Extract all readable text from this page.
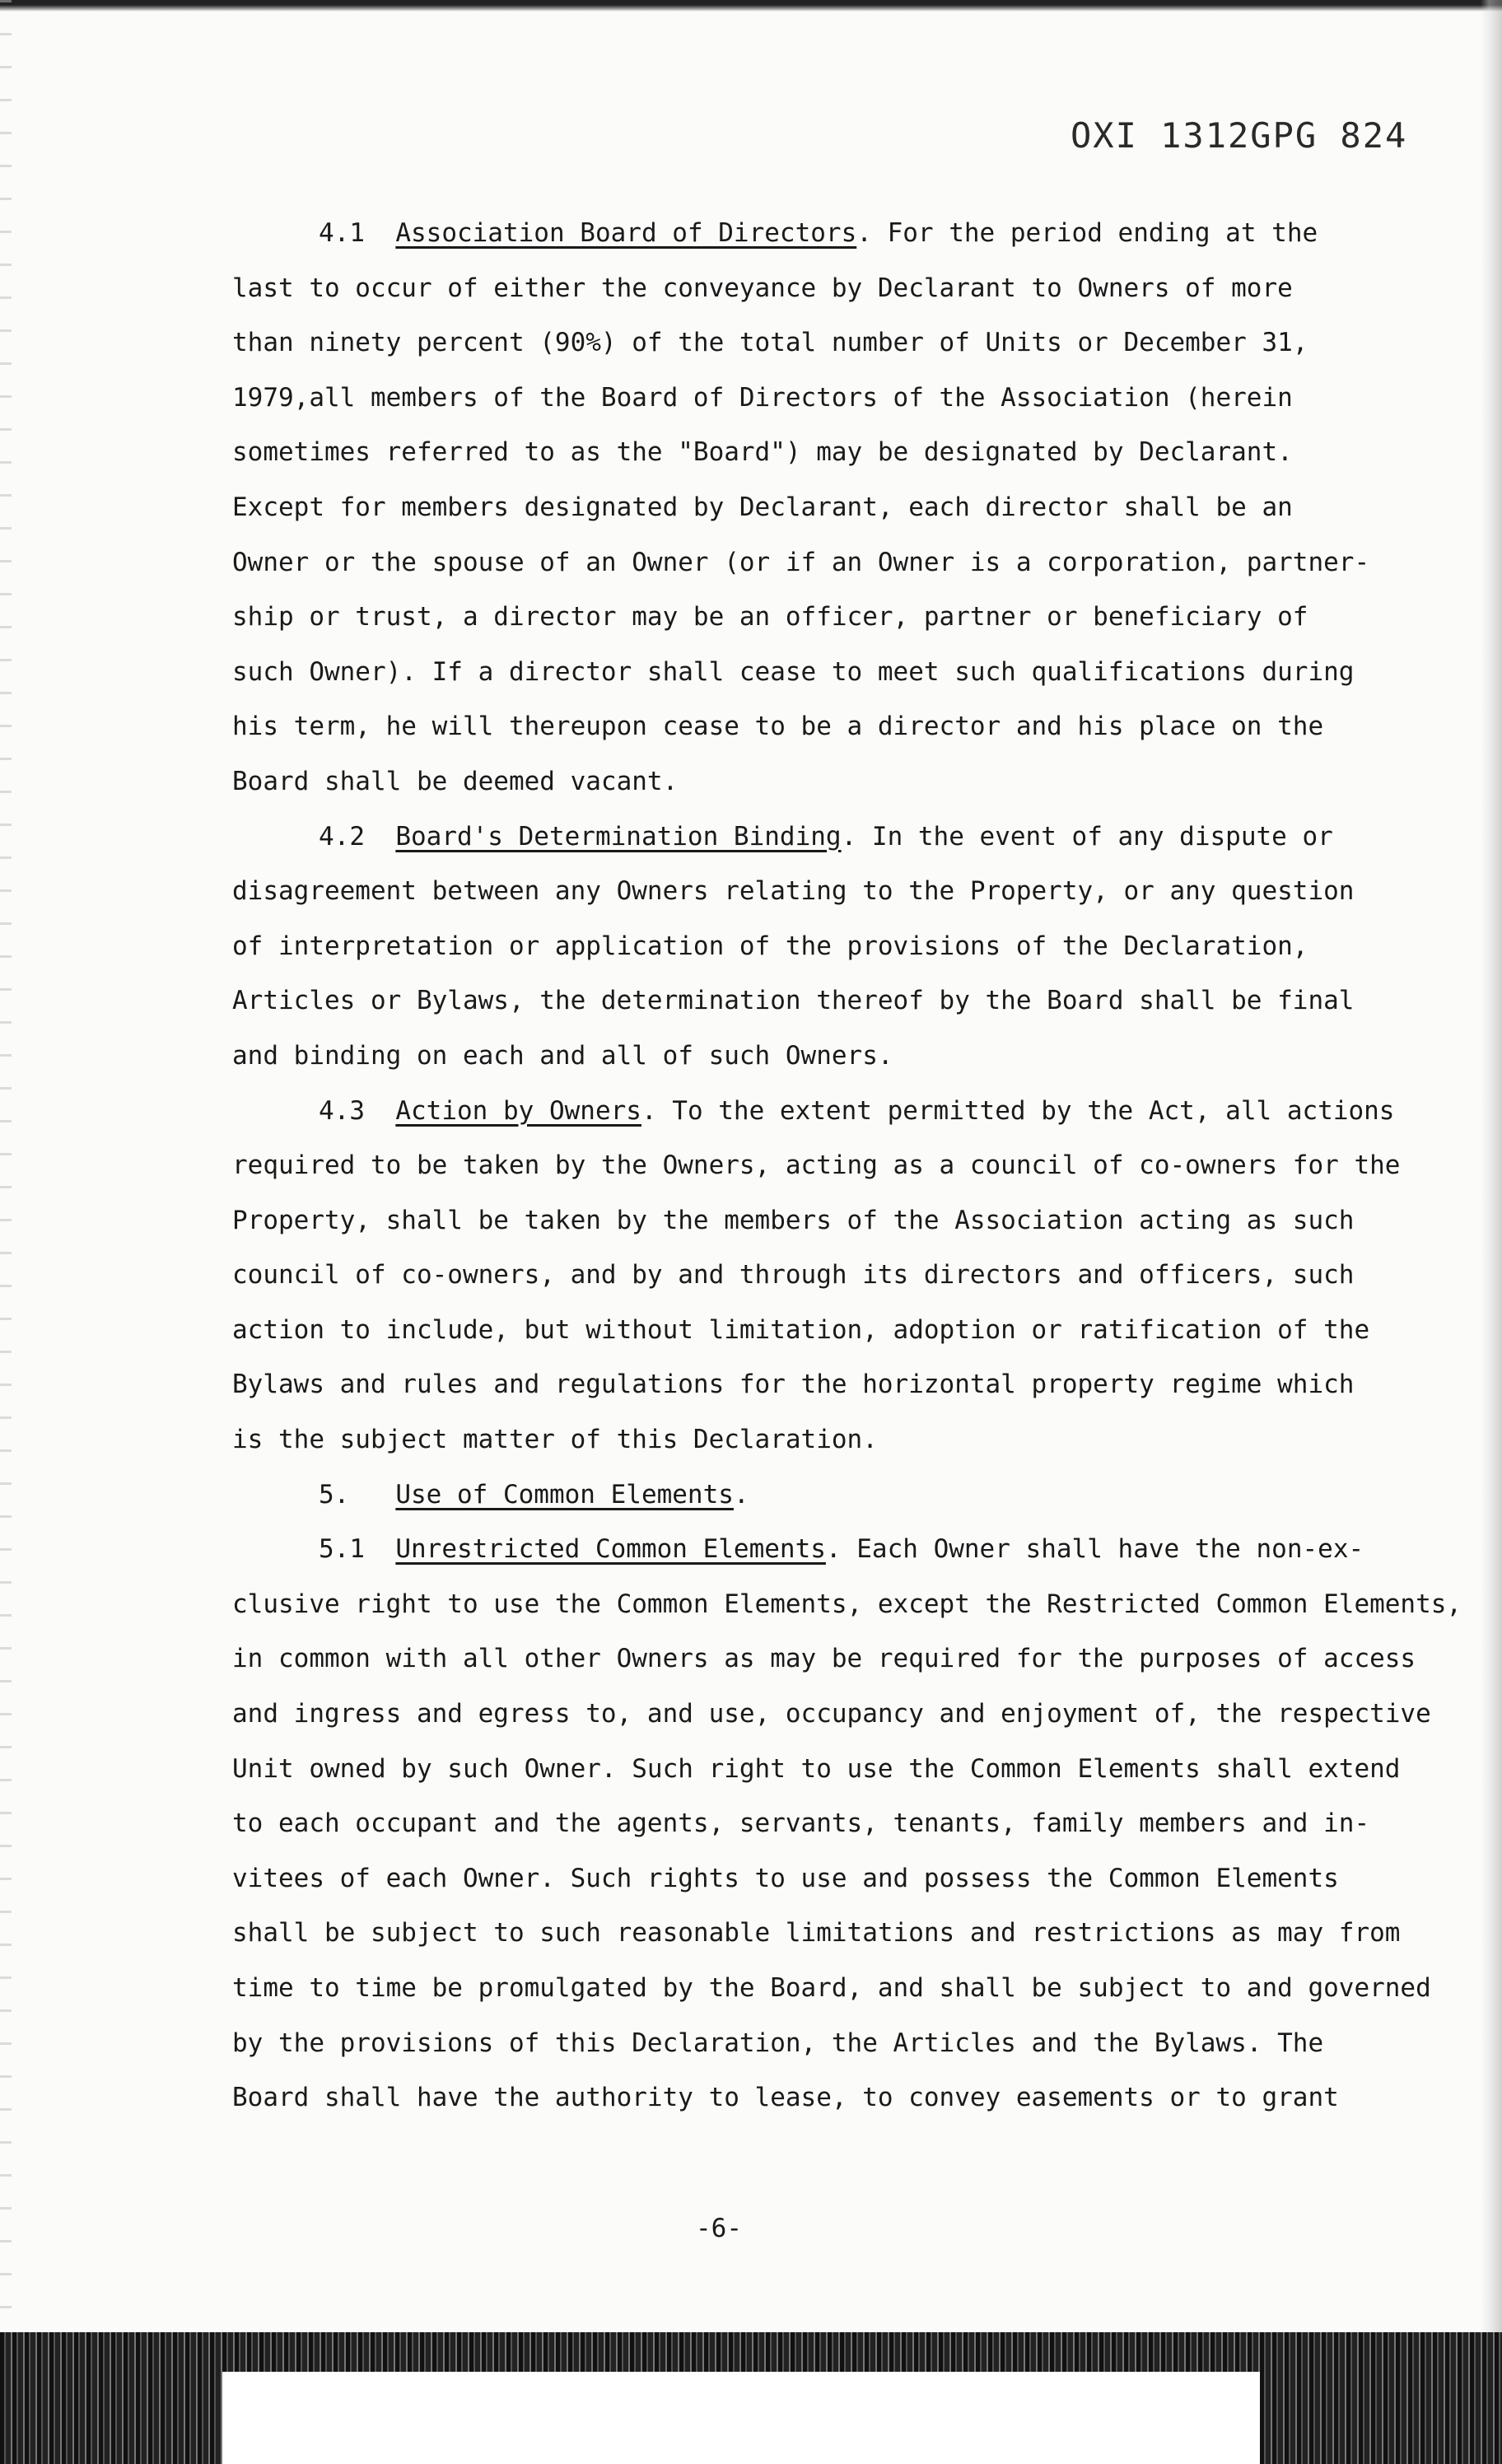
OXI 1312GPG 824
4.1 Association Board of Directors. For the period ending at the
last to occur of either the conveyance by Declarant to Owners of more
than ninety percent (90%) of the total number of Units or December 31,
1979,all members of the Board of Directors of the Association (herein
sometimes referred to as the "Board") may be designated by Declarant.
Except for members designated by Declarant, each director shall be an
Owner or the spouse of an Owner (or if an Owner is a corporation, partner-
ship or trust, a director may be an officer, partner or beneficiary of
such Owner). If a director shall cease to meet such qualifications during
his term, he will thereupon cease to be a director and his place on the
Board shall be deemed vacant.
4.2 Board's Determination Binding. In the event of any dispute or
disagreement between any Owners relating to the Property, or any question
of interpretation or application of the provisions of the Declaration,
Articles or Bylaws, the determination thereof by the Board shall be final
and binding on each and all of such Owners.
4.3 Action by Owners. To the extent permitted by the Act, all actions
required to be taken by the Owners, acting as a council of co-owners for the
Property, shall be taken by the members of the Association acting as such
council of co-owners, and by and through its directors and officers, such
action to include, but without limitation, adoption or ratification of the
Bylaws and rules and regulations for the horizontal property regime which
is the subject matter of this Declaration.
5. Use of Common Elements.
5.1 Unrestricted Common Elements. Each Owner shall have the non-ex-
clusive right to use the Common Elements, except the Restricted Common Elements,
in common with all other Owners as may be required for the purposes of access
and ingress and egress to, and use, occupancy and enjoyment of, the respective
Unit owned by such Owner. Such right to use the Common Elements shall extend
to each occupant and the agents, servants, tenants, family members and in-
vitees of each Owner. Such rights to use and possess the Common Elements
shall be subject to such reasonable limitations and restrictions as may from
time to time be promulgated by the Board, and shall be subject to and governed
by the provisions of this Declaration, the Articles and the Bylaws. The
Board shall have the authority to lease, to convey easements or to grant
-6-
